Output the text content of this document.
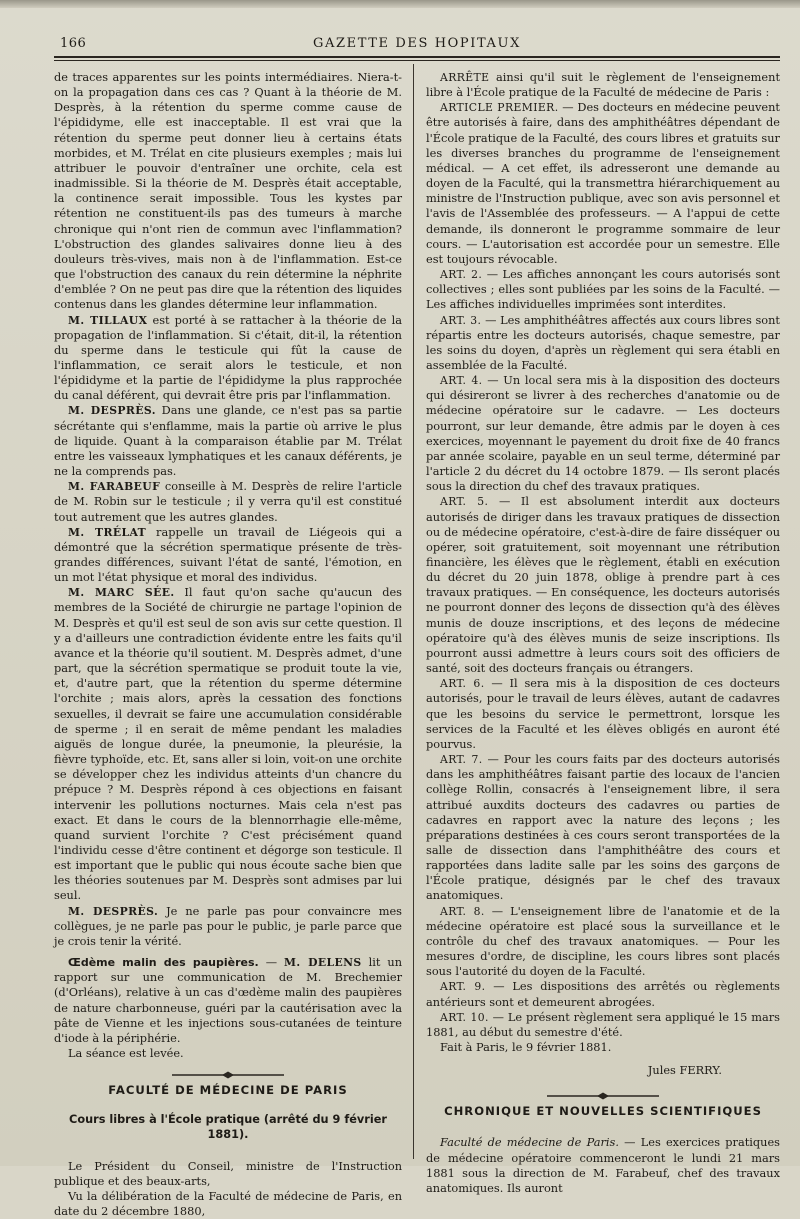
166	GAZETTE DES HOPITAUX

de traces apparentes sur les points intermédiaires. Niera-t-on la propagation dans ces cas ? Quant à la théorie de M. Desprès, à la rétention du sperme comme cause de l'épididyme, elle est inacceptable. Il est vrai que la rétention du sperme peut donner lieu à certains états morbides, et M. Trélat en cite plusieurs exemples ; mais lui attribuer le pouvoir d'entraîner une orchite, cela est inadmissible. Si la théorie de M. Desprès était acceptable, la continence serait impossible. Tous les kystes par rétention ne constituent-ils pas des tumeurs à marche chronique qui n'ont rien de commun avec l'inflammation? L'obstruction des glandes salivaires donne lieu à des douleurs très-vives, mais non à de l'inflammation. Est-ce que l'obstruction des canaux du rein détermine la néphrite d'emblée ? On ne peut pas dire que la rétention des liquides contenus dans les glandes détermine leur inflammation.

M. TILLAUX est porté à se rattacher à la théorie de la propagation de l'inflammation. Si c'était, dit-il, la rétention du sperme dans le testicule qui fût la cause de l'inflammation, ce serait alors le testicule, et non l'épididyme et la partie de l'épididyme la plus rapprochée du canal déférent, qui devrait être pris par l'inflammation.

M. DESPRÈS. Dans une glande, ce n'est pas sa partie sécrétante qui s'enflamme, mais la partie où arrive le plus de liquide. Quant à la comparaison établie par M. Trélat entre les vaisseaux lymphatiques et les canaux déférents, je ne la comprends pas.

M. FARABEUF conseille à M. Desprès de relire l'article de M. Robin sur le testicule ; il y verra qu'il est constitué tout autrement que les autres glandes.

M. TRÉLAT rappelle un travail de Liégeois qui a démontré que la sécrétion spermatique présente de très-grandes différences, suivant l'état de santé, l'émotion, en un mot l'état physique et moral des individus.

M. MARC SÉE. Il faut qu'on sache qu'aucun des membres de la Société de chirurgie ne partage l'opinion de M. Desprès et qu'il est seul de son avis sur cette question. Il y a d'ailleurs une contradiction évidente entre les faits qu'il avance et la théorie qu'il soutient. M. Desprès admet, d'une part, que la sécrétion spermatique se produit toute la vie, et, d'autre part, que la rétention du sperme détermine l'orchite ; mais alors, après la cessation des fonctions sexuelles, il devrait se faire une accumulation considérable de sperme ; il en serait de même pendant les maladies aiguës de longue durée, la pneumonie, la pleurésie, la fièvre typhoïde, etc. Et, sans aller si loin, voit-on une orchite se développer chez les individus atteints d'un chancre du prépuce ? M. Desprès répond à ces objections en faisant intervenir les pollutions nocturnes. Mais cela n'est pas exact. Et dans le cours de la blennorrhagie elle-même, quand survient l'orchite ? C'est précisément quand l'individu cesse d'être continent et dégorge son testicule. Il est important que le public qui nous écoute sache bien que les théories soutenues par M. Desprès sont admises par lui seul.

M. DESPRÈS. Je ne parle pas pour convaincre mes collègues, je ne parle pas pour le public, je parle parce que je crois tenir la vérité.

Œdème malin des paupières. — M. DELENS lit un rapport sur une communication de M. Brechemier (d'Orléans), relative à un cas d'œdème malin des paupières de nature charbonneuse, guéri par la cautérisation avec la pâte de Vienne et les injections sous-cutanées de teinture d'iode à la périphérie.

La séance est levée.

FACULTÉ DE MÉDECINE DE PARIS
Cours libres à l'École pratique (arrêté du 9 février 1881).

Le Président du Conseil, ministre de l'Instruction publique et des beaux-arts,

Vu la délibération de la Faculté de médecine de Paris, en date du 2 décembre 1880,

ARRÊTE ainsi qu'il suit le règlement de l'enseignement libre à l'École pratique de la Faculté de médecine de Paris :

ARTICLE PREMIER. — Des docteurs en médecine peuvent être autorisés à faire, dans des amphithéâtres dépendant de l'École pratique de la Faculté, des cours libres et gratuits sur les diverses branches du programme de l'enseignement médical. — A cet effet, ils adresseront une demande au doyen de la Faculté, qui la transmettra hiérarchiquement au ministre de l'Instruction publique, avec son avis personnel et l'avis de l'Assemblée des professeurs. — A l'appui de cette demande, ils donneront le programme sommaire de leur cours. — L'autorisation est accordée pour un semestre. Elle est toujours révocable.

ART. 2. — Les affiches annonçant les cours autorisés sont collectives ; elles sont publiées par les soins de la Faculté. — Les affiches individuelles imprimées sont interdites.

ART. 3. — Les amphithéâtres affectés aux cours libres sont répartis entre les docteurs autorisés, chaque semestre, par les soins du doyen, d'après un règlement qui sera établi en assemblée de la Faculté.

ART. 4. — Un local sera mis à la disposition des docteurs qui désireront se livrer à des recherches d'anatomie ou de médecine opératoire sur le cadavre. — Les docteurs pourront, sur leur demande, être admis par le doyen à ces exercices, moyennant le payement du droit fixe de 40 francs par année scolaire, payable en un seul terme, déterminé par l'article 2 du décret du 14 octobre 1879. — Ils seront placés sous la direction du chef des travaux pratiques.

ART. 5. — Il est absolument interdit aux docteurs autorisés de diriger dans les travaux pratiques de dissection ou de médecine opératoire, c'est-à-dire de faire disséquer ou opérer, soit gratuitement, soit moyennant une rétribution financière, les élèves que le règlement, établi en exécution du décret du 20 juin 1878, oblige à prendre part à ces travaux pratiques. — En conséquence, les docteurs autorisés ne pourront donner des leçons de dissection qu'à des élèves munis de douze inscriptions, et des leçons de médecine opératoire qu'à des élèves munis de seize inscriptions. Ils pourront aussi admettre à leurs cours soit des officiers de santé, soit des docteurs français ou étrangers.

ART. 6. — Il sera mis à la disposition de ces docteurs autorisés, pour le travail de leurs élèves, autant de cadavres que les besoins du service le permettront, lorsque les services de la Faculté et les élèves obligés en auront été pourvus.

ART. 7. — Pour les cours faits par des docteurs autorisés dans les amphithéâtres faisant partie des locaux de l'ancien collège Rollin, consacrés à l'enseignement libre, il sera attribué auxdits docteurs des cadavres ou parties de cadavres en rapport avec la nature des leçons ; les préparations destinées à ces cours seront transportées de la salle de dissection dans l'amphithéâtre des cours et rapportées dans ladite salle par les soins des garçons de l'École pratique, désignés par le chef des travaux anatomiques.

ART. 8. — L'enseignement libre de l'anatomie et de la médecine opératoire est placé sous la surveillance et le contrôle du chef des travaux anatomiques. — Pour les mesures d'ordre, de discipline, les cours libres sont placés sous l'autorité du doyen de la Faculté.

ART. 9. — Les dispositions des arrêtés ou règlements antérieurs sont et demeurent abrogées.

ART. 10. — Le présent règlement sera appliqué le 15 mars 1881, au début du semestre d'été.

Fait à Paris, le 9 février 1881.

Jules FERRY.
CHRONIQUE ET NOUVELLES SCIENTIFIQUES

Faculté de médecine de Paris. — Les exercices pratiques de médecine opératoire commenceront le lundi 21 mars 1881 sous la direction de M. Farabeuf, chef des travaux anatomiques. Ils auront
